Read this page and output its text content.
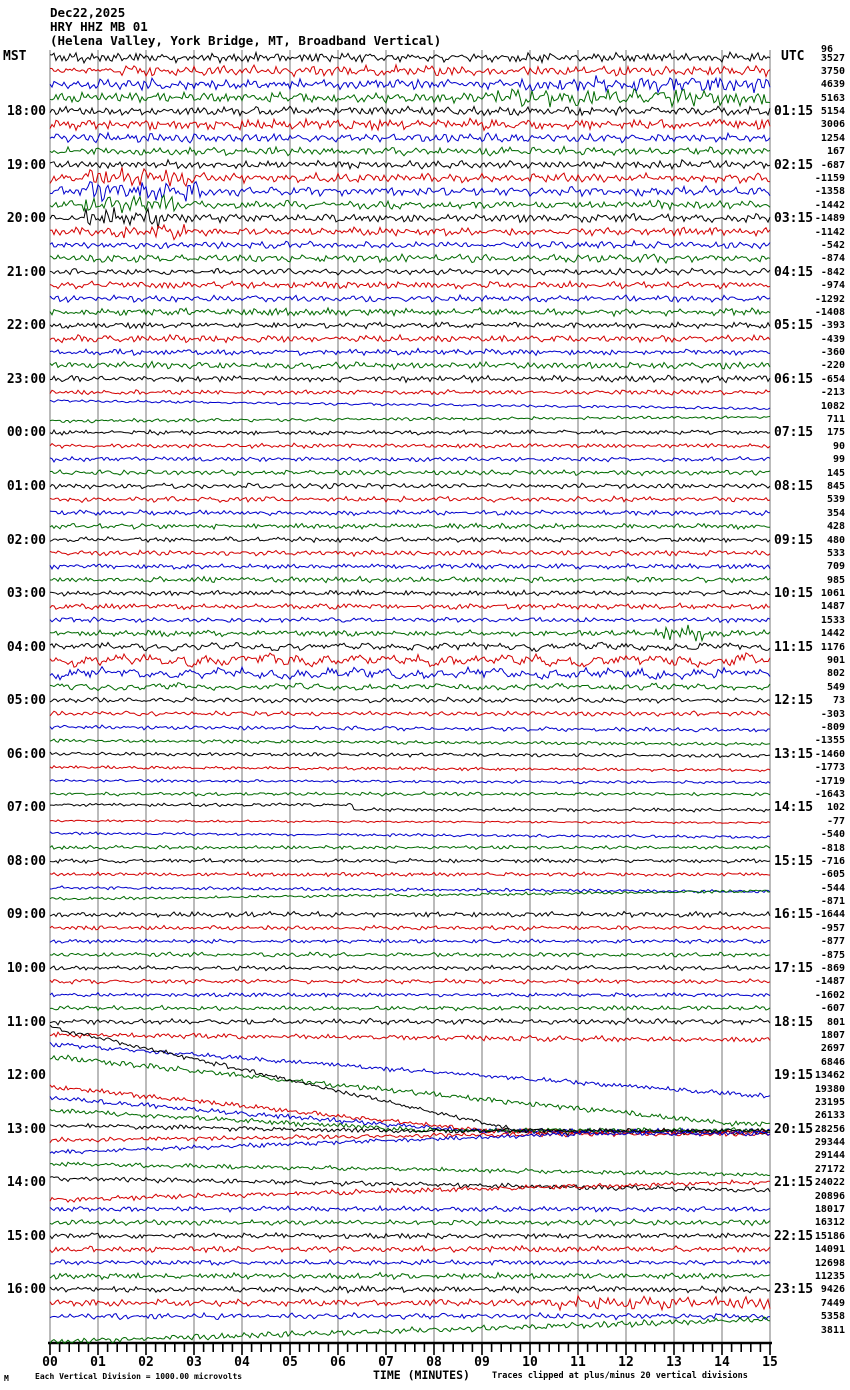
Dec22,2025
HRY HHZ MB 01
(Helena Valley, York Bridge, MT, Broadband Vertical)
MST	UTC
18:00
19:00
20:00
21:00
22:00
23:00
00:00
01:00
02:00
03:00
04:00
05:00
06:00
07:00
08:00
09:00
10:00
11:00
12:00
13:00
14:00
15:00
16:00
01:15
02:15
03:15
04:15
05:15
06:15
07:15
08:15
09:15
10:15
11:15
12:15
13:15
14:15
15:15
16:15
17:15
18:15
19:15
20:15
21:15
22:15
23:15
3527
3750
4639
5163
5154
3006
1254
167
-687
-1159
-1358
-1442
-1489
-1142
-542
-874
-842
-974
-1292
-1408
-393
-439
-360
-220
-654
-213
1082
711
175
90
99
145
845
539
354
428
480
533
709
985
1061
1487
1533
1442
1176
901
802
549
73
-303
-809
-1355
-1460
-1773
-1719
-1643
102
-77
-540
-818
-716
-605
-544
-871
-1644
-957
-877
-875
-869
-1487
-1602
-607
801
1807
2697
6846
13462
19380
23195
26133
28256
29344
29144
27172
24022
20896
18017
16312
15186
14091
12698
11235
9426
7449
5358
3811
00	01	02	03	04	05	06	07	08	09	10	11	12	13	14	15
96
M	Each Vertical Division = 1000.00 microvolts	TIME (MINUTES)	Traces clipped at plus/minus 20 vertical divisions
